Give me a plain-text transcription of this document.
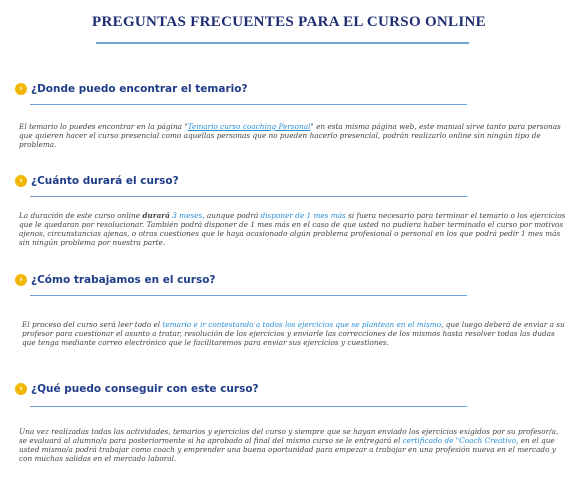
PREGUNTAS FRECUENTES PARA EL CURSO ONLINE
› ¿Donde puedo encontrar el temario?
El temario lo puedes encontrar en la página "Temario curso coaching Personal" en esta misma página web, este manual sirve tanto para personas que quieren hacer el curso presencial como aquellas personas que no pueden hacerlo presencial, podrán realizarlo online sin ningún tipo de problema.
› ¿Cuánto durará el curso?
La duración de este curso online durará 3 meses, aunque podrá disponer de 1 mes más si fuera necesario para terminar el temario o los ejercicios que le quedaran por resolucionar. También podrá disponer de 1 mes más en el caso de que usted no pudiera haber terminado el curso por motivos ajenos, circunstancias ajenas, o otras cuestiones que le haya ocasionado algún problema profesional o personal en los que podrá pedir 1 mes más sin ningún problema por nuestra parte.
› ¿Cómo trabajamos en el curso?
El proceso del curso será leer todo el temario e ir contestando a todos los ejercicios que se plantean en el mismo, que luego deberá de enviar a su profesor para cuestionar el asunto a tratar, resolución de los ejercicios y enviarle las correcciones de los mismos hasta resolver todas las dudas que tenga mediante correo electrónico que le facilitaremos para enviar sus ejercicios y cuestiones.
› ¿Qué puedo conseguir con este curso?
Una vez realizadas todas las actividades, temarios y ejercicios del curso y siempre que se hayan enviado los ejercicios exigidos por su profesor/a, se evaluará al alumno/a para posteriormente si ha aprobado al final del mismo curso se le entregará el certificado de "Coach Creativo, en el que usted mismo/a podrá trabajar como coach y emprender una buena oportunidad para empezar a trabajar en una profesión nueva en el mercado y con muchas salidas en el mercado laboral.
